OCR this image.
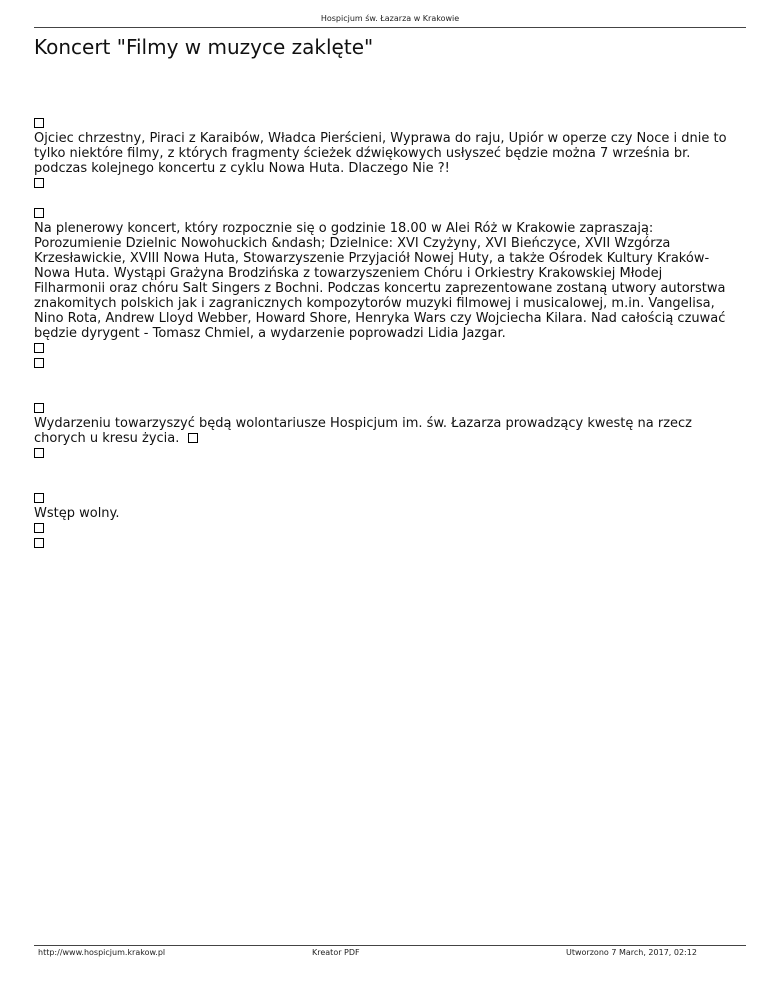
Hospicjum św. Łazarza w Krakowie
Koncert "Filmy w muzyce zaklęte"

Ojciec chrzestny, Piraci z Karaibów, Władca Pierścieni, Wyprawa do raju, Upiór w operze czy Noce i dnie to tylko niektóre filmy, z których fragmenty ścieżek dźwiękowych usłyszeć będzie można 7 września br. podczas kolejnego koncertu z cyklu Nowa Huta. Dlaczego Nie ?!

Na plenerowy koncert, który rozpocznie się o godzinie 18.00 w Alei Róż w Krakowie zapraszają: Porozumienie Dzielnic Nowohuckich &ndash; Dzielnice: XVI Czyżyny, XVI Bieńczyce, XVII Wzgórza Krzesławickie, XVIII Nowa Huta, Stowarzyszenie Przyjaciół Nowej Huty, a także Ośrodek Kultury Kraków-Nowa Huta. Wystąpi Grażyna Brodzińska z towarzyszeniem Chóru i Orkiestry Krakowskiej Młodej Filharmonii oraz chóru Salt Singers z Bochni. Podczas koncertu zaprezentowane zostaną utwory autorstwa znakomitych polskich jak i zagranicznych kompozytorów muzyki filmowej i musicalowej, m.in. Vangelisa, Nino Rota, Andrew Lloyd Webber, Howard Shore, Henryka Wars czy Wojciecha Kilara. Nad całością czuwać będzie dyrygent - Tomasz Chmiel, a wydarzenie poprowadzi Lidia Jazgar.

Wydarzeniu towarzyszyć będą wolontariusze Hospicjum im. św. Łazarza prowadzący kwestę na rzecz chorych u kresu życia.

Wstęp wolny.

http://www.hospicjum.krakow.pl	Kreator PDF	Utworzono 7 March, 2017, 02:12
